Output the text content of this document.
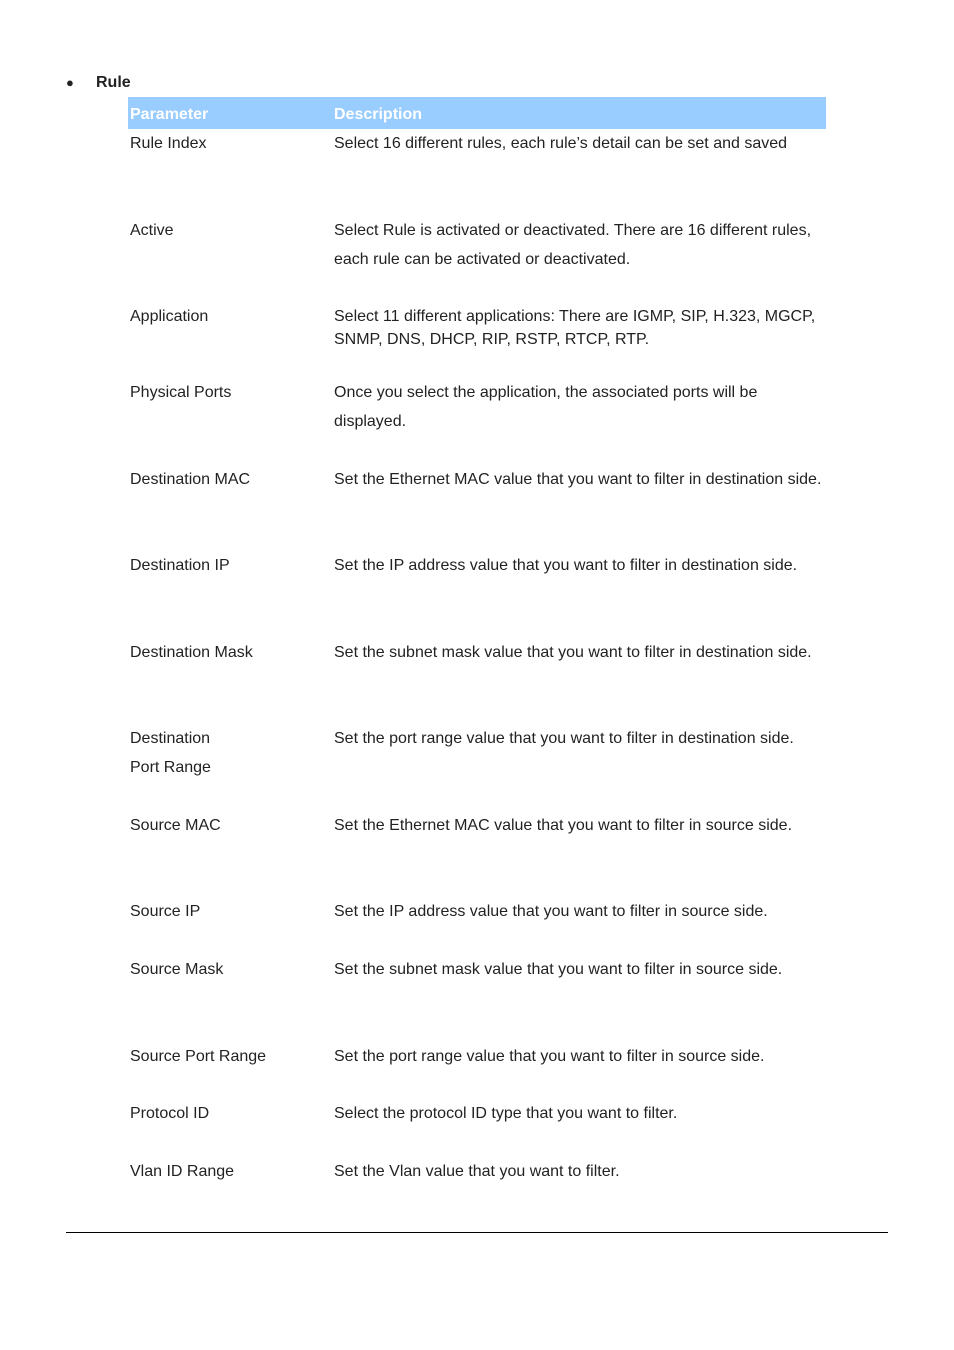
● Rule
Parameter	Description

Rule Index	Select 16 different rules, each rule’s detail can be set and saved

Active	Select Rule is activated or deactivated. There are 16 different rules, each rule can be activated or deactivated.

Application	Select 11 different applications: There are IGMP, SIP, H.323, MGCP, SNMP, DNS, DHCP, RIP, RSTP, RTCP, RTP.

Physical Ports	Once you select the application, the associated ports will be displayed.

Destination MAC	Set the Ethernet MAC value that you want to filter in destination side.

Destination IP	Set the IP address value that you want to filter in destination side.

Destination Mask	Set the subnet mask value that you want to filter in destination side.

Destination
Port Range	Set the port range value that you want to filter in destination side.

Source MAC	Set the Ethernet MAC value that you want to filter in source side.

Source IP	Set the IP address value that you want to filter in source side.

Source Mask	Set the subnet mask value that you want to filter in source side.

Source Port Range	Set the port range value that you want to filter in source side.

Protocol ID	Select the protocol ID type that you want to filter.

Vlan ID Range	Set the Vlan value that you want to filter.
